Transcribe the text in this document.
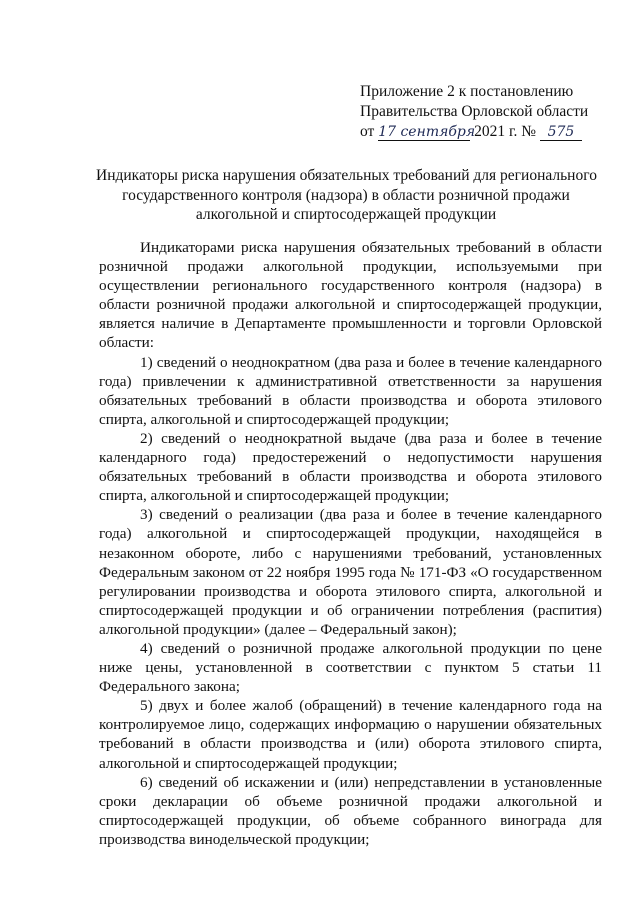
Приложение 2 к постановлению
Правительства Орловской области
от 17 сентября 2021 г. № 575
Индикаторы риска нарушения обязательных требований для регионального
государственного контроля (надзора) в области розничной продажи
алкогольной и спиртосодержащей продукции

Индикаторами риска нарушения обязательных требований в области розничной продажи алкогольной продукции, используемыми при осуществлении регионального государственного контроля (надзора) в области розничной продажи алкогольной и спиртосодержащей продукции, является наличие в Департаменте промышленности и торговли Орловской области:

1) сведений о неоднократном (два раза и более в течение календарного года) привлечении к административной ответственности за нарушения обязательных требований в области производства и оборота этилового спирта, алкогольной и спиртосодержащей продукции;

2) сведений о неоднократной выдаче (два раза и более в течение календарного года) предостережений о недопустимости нарушения обязательных требований в области производства и оборота этилового спирта, алкогольной и спиртосодержащей продукции;

3) сведений о реализации (два раза и более в течение календарного года) алкогольной и спиртосодержащей продукции, находящейся в незаконном обороте, либо с нарушениями требований, установленных Федеральным законом от 22 ноября 1995 года № 171-ФЗ «О государственном регулировании производства и оборота этилового спирта, алкогольной и спиртосодержащей продукции и об ограничении потребления (распития) алкогольной продукции» (далее – Федеральный закон);

4) сведений о розничной продаже алкогольной продукции по цене ниже цены, установленной в соответствии с пунктом 5 статьи 11 Федерального закона;

5) двух и более жалоб (обращений) в течение календарного года на контролируемое лицо, содержащих информацию о нарушении обязательных требований в области производства и (или) оборота этилового спирта, алкогольной и спиртосодержащей продукции;

6) сведений об искажении и (или) непредставлении в установленные сроки декларации об объеме розничной продажи алкогольной и спиртосодержащей продукции, об объеме собранного винограда для производства винодельческой продукции;
